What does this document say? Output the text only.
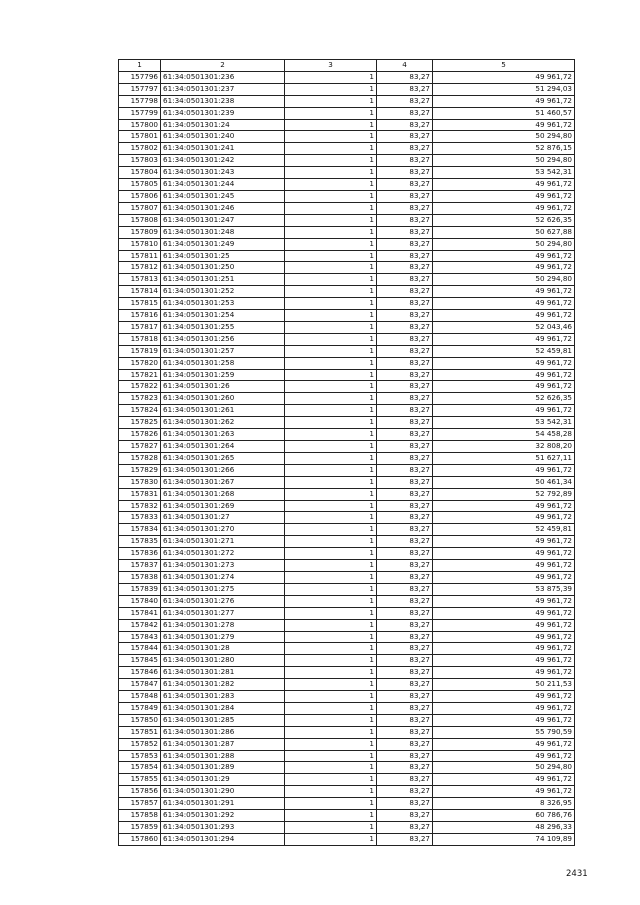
1	2	3	4	5
157796	61:34:0501301:236	1	83,27	49 961,72
157797	61:34:0501301:237	1	83,27	51 294,03
157798	61:34:0501301:238	1	83,27	49 961,72
157799	61:34:0501301:239	1	83,27	51 460,57
157800	61:34:0501301:24	1	83,27	49 961,72
157801	61:34:0501301:240	1	83,27	50 294,80
157802	61:34:0501301:241	1	83,27	52 876,15
157803	61:34:0501301:242	1	83,27	50 294,80
157804	61:34:0501301:243	1	83,27	53 542,31
157805	61:34:0501301:244	1	83,27	49 961,72
157806	61:34:0501301:245	1	83,27	49 961,72
157807	61:34:0501301:246	1	83,27	49 961,72
157808	61:34:0501301:247	1	83,27	52 626,35
157809	61:34:0501301:248	1	83,27	50 627,88
157810	61:34:0501301:249	1	83,27	50 294,80
157811	61:34:0501301:25	1	83,27	49 961,72
157812	61:34:0501301:250	1	83,27	49 961,72
157813	61:34:0501301:251	1	83,27	50 294,80
157814	61:34:0501301:252	1	83,27	49 961,72
157815	61:34:0501301:253	1	83,27	49 961,72
157816	61:34:0501301:254	1	83,27	49 961,72
157817	61:34:0501301:255	1	83,27	52 043,46
157818	61:34:0501301:256	1	83,27	49 961,72
157819	61:34:0501301:257	1	83,27	52 459,81
157820	61:34:0501301:258	1	83,27	49 961,72
157821	61:34:0501301:259	1	83,27	49 961,72
157822	61:34:0501301:26	1	83,27	49 961,72
157823	61:34:0501301:260	1	83,27	52 626,35
157824	61:34:0501301:261	1	83,27	49 961,72
157825	61:34:0501301:262	1	83,27	53 542,31
157826	61:34:0501301:263	1	83,27	54 458,28
157827	61:34:0501301:264	1	83,27	32 808,20
157828	61:34:0501301:265	1	83,27	51 627,11
157829	61:34:0501301:266	1	83,27	49 961,72
157830	61:34:0501301:267	1	83,27	50 461,34
157831	61:34:0501301:268	1	83,27	52 792,89
157832	61:34:0501301:269	1	83,27	49 961,72
157833	61:34:0501301:27	1	83,27	49 961,72
157834	61:34:0501301:270	1	83,27	52 459,81
157835	61:34:0501301:271	1	83,27	49 961,72
157836	61:34:0501301:272	1	83,27	49 961,72
157837	61:34:0501301:273	1	83,27	49 961,72
157838	61:34:0501301:274	1	83,27	49 961,72
157839	61:34:0501301:275	1	83,27	53 875,39
157840	61:34:0501301:276	1	83,27	49 961,72
157841	61:34:0501301:277	1	83,27	49 961,72
157842	61:34:0501301:278	1	83,27	49 961,72
157843	61:34:0501301:279	1	83,27	49 961,72
157844	61:34:0501301:28	1	83,27	49 961,72
157845	61:34:0501301:280	1	83,27	49 961,72
157846	61:34:0501301:281	1	83,27	49 961,72
157847	61:34:0501301:282	1	83,27	50 211,53
157848	61:34:0501301:283	1	83,27	49 961,72
157849	61:34:0501301:284	1	83,27	49 961,72
157850	61:34:0501301:285	1	83,27	49 961,72
157851	61:34:0501301:286	1	83,27	55 790,59
157852	61:34:0501301:287	1	83,27	49 961,72
157853	61:34:0501301:288	1	83,27	49 961,72
157854	61:34:0501301:289	1	83,27	50 294,80
157855	61:34:0501301:29	1	83,27	49 961,72
157856	61:34:0501301:290	1	83,27	49 961,72
157857	61:34:0501301:291	1	83,27	8 326,95
157858	61:34:0501301:292	1	83,27	60 786,76
157859	61:34:0501301:293	1	83,27	48 296,33
157860	61:34:0501301:294	1	83,27	74 109,89
2431
